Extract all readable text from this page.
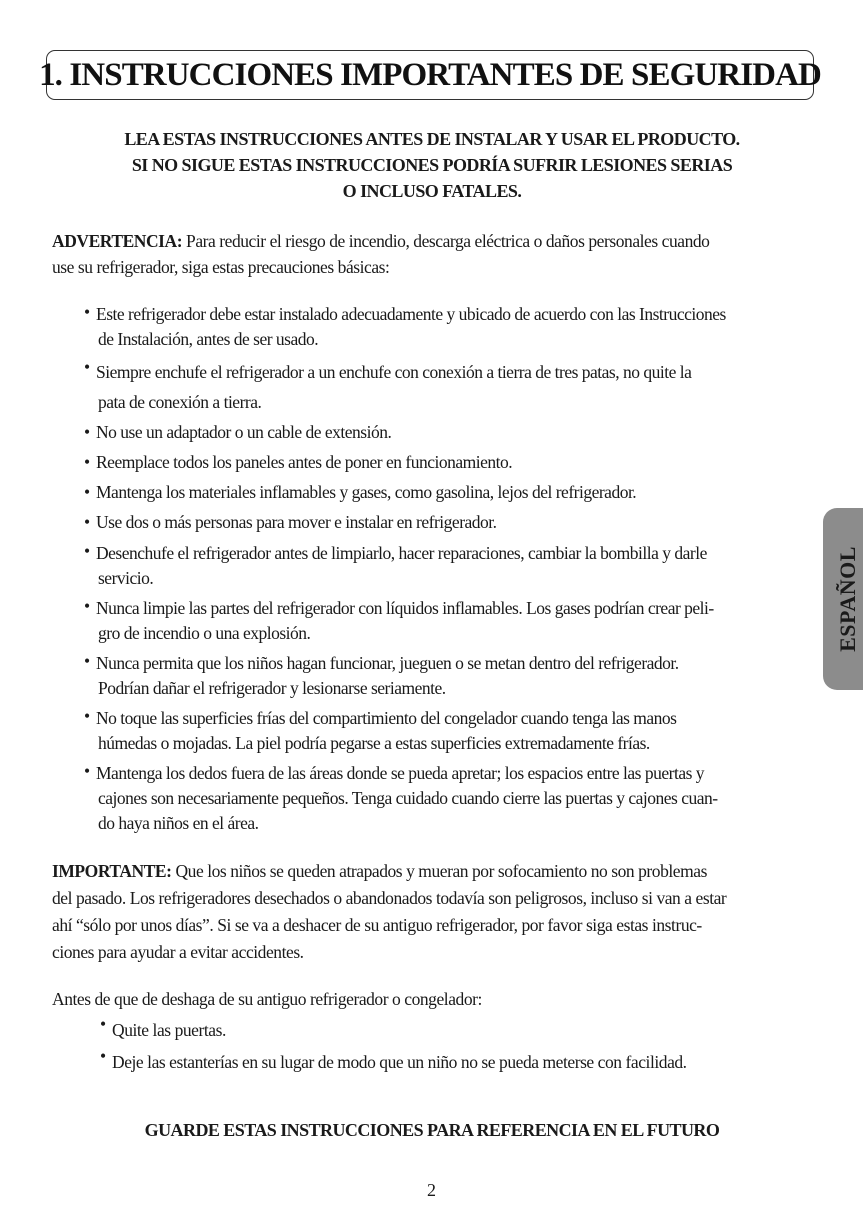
1. INSTRUCCIONES IMPORTANTES DE SEGURIDAD
LEA ESTAS INSTRUCCIONES ANTES DE INSTALAR Y USAR EL PRODUCTO.
SI NO SIGUE ESTAS INSTRUCCIONES PODRÍA SUFRIR LESIONES SERIAS
O INCLUSO FATALES.
ADVERTENCIA: Para reducir el riesgo de incendio, descarga eléctrica o daños personales cuando
use su refrigerador, siga estas precauciones básicas:
• Este refrigerador debe estar instalado adecuadamente y ubicado de acuerdo con las Instrucciones
de Instalación, antes de ser usado.
• Siempre enchufe el refrigerador a un enchufe con conexión a tierra de tres patas, no quite la
pata de conexión a tierra.
• No use un adaptador o un cable de extensión.
• Reemplace todos los paneles antes de poner en funcionamiento.
• Mantenga los materiales inflamables y gases, como gasolina, lejos del refrigerador.
• Use dos o más personas para mover e instalar en refrigerador.
• Desenchufe el refrigerador antes de limpiarlo, hacer reparaciones, cambiar la bombilla y darle
servicio.
• Nunca limpie las partes del refrigerador con líquidos inflamables. Los gases podrían crear peli-
gro de incendio o una explosión.
• Nunca permita que los niños hagan funcionar, jueguen o se metan dentro del refrigerador.
Podrían dañar el refrigerador y lesionarse seriamente.
• No toque las superficies frías del compartimiento del congelador cuando tenga las manos
húmedas o mojadas. La piel podría pegarse a estas superficies extremadamente frías.
• Mantenga los dedos fuera de las áreas donde se pueda apretar; los espacios entre las puertas y
cajones son necesariamente pequeños. Tenga cuidado cuando cierre las puertas y cajones cuan-
do haya niños en el área.
IMPORTANTE: Que los niños se queden atrapados y mueran por sofocamiento no son problemas
del pasado. Los refrigeradores desechados o abandonados todavía son peligrosos, incluso si van a estar
ahí “sólo por unos días”. Si se va a deshacer de su antiguo refrigerador, por favor siga estas instruc-
ciones para ayudar a evitar accidentes.
Antes de que de deshaga de su antiguo refrigerador o congelador:
• Quite las puertas.
• Deje las estanterías en su lugar de modo que un niño no se pueda meterse con facilidad.
GUARDE ESTAS INSTRUCCIONES PARA REFERENCIA EN EL FUTURO
2
ESPAÑOL
